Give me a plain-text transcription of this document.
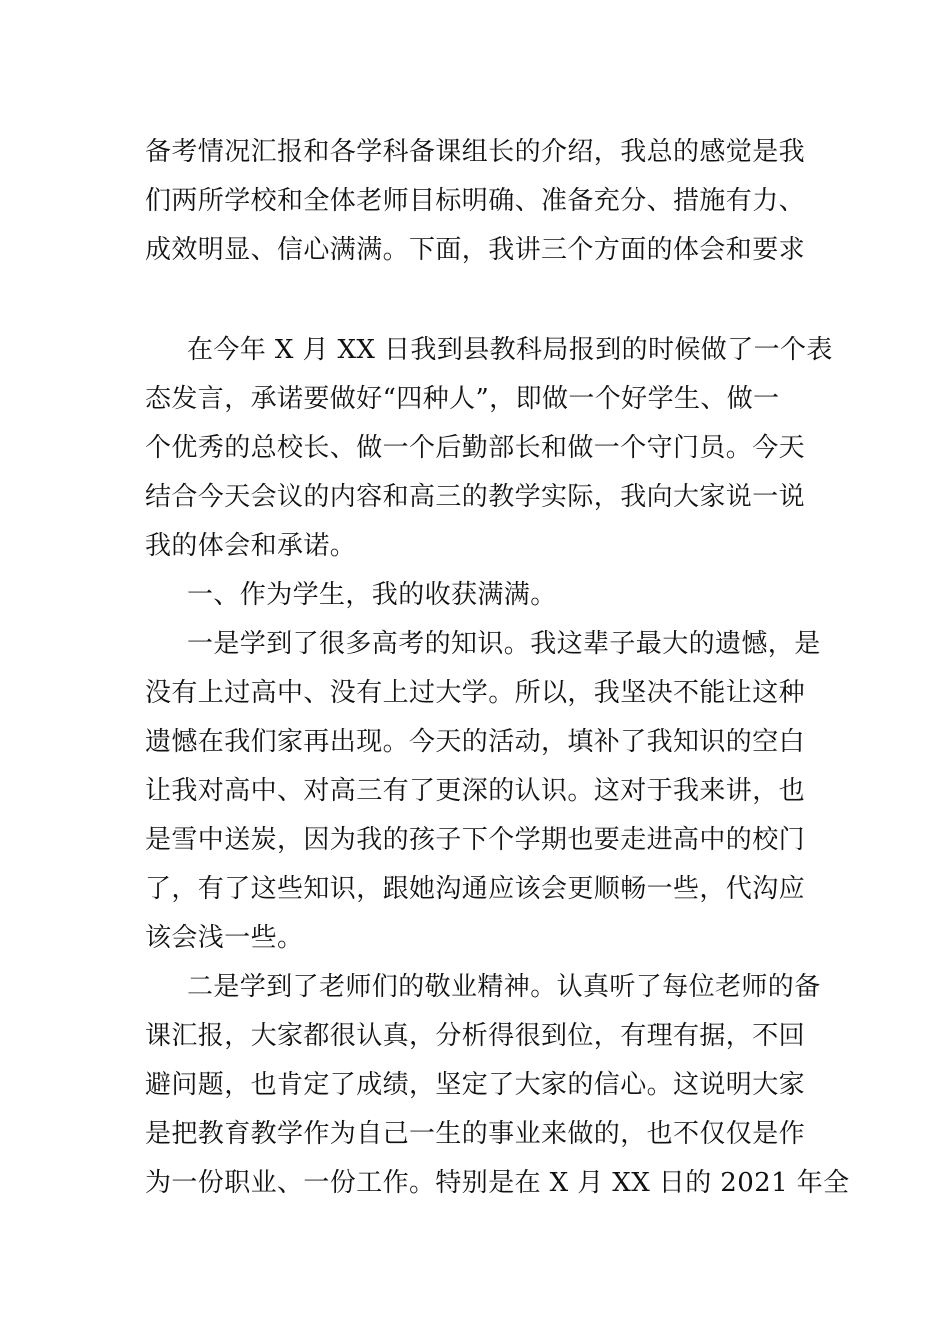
备考情况汇报和各学科备课组长的介绍，我总的感觉是我
们两所学校和全体老师目标明确、准备充分、措施有力、
成效明显、信心满满。下面，我讲三个方面的体会和要求
在今年 X 月 XX 日我到县教科局报到的时候做了一个表
态发言，承诺要做好“四种人”，即做一个好学生、做一
个优秀的总校长、做一个后勤部长和做一个守门员。今天
结合今天会议的内容和高三的教学实际，我向大家说一说
我的体会和承诺。
一、作为学生，我的收获满满。
一是学到了很多高考的知识。我这辈子最大的遗憾，是
没有上过高中、没有上过大学。所以，我坚决不能让这种
遗憾在我们家再出现。今天的活动，填补了我知识的空白
让我对高中、对高三有了更深的认识。这对于我来讲，也
是雪中送炭，因为我的孩子下个学期也要走进高中的校门
了，有了这些知识，跟她沟通应该会更顺畅一些，代沟应
该会浅一些。
二是学到了老师们的敬业精神。认真听了每位老师的备
课汇报，大家都很认真，分析得很到位，有理有据，不回
避问题，也肯定了成绩，坚定了大家的信心。这说明大家
是把教育教学作为自己一生的事业来做的，也不仅仅是作
为一份职业、一份工作。特别是在 X 月 XX 日的 2021 年全
